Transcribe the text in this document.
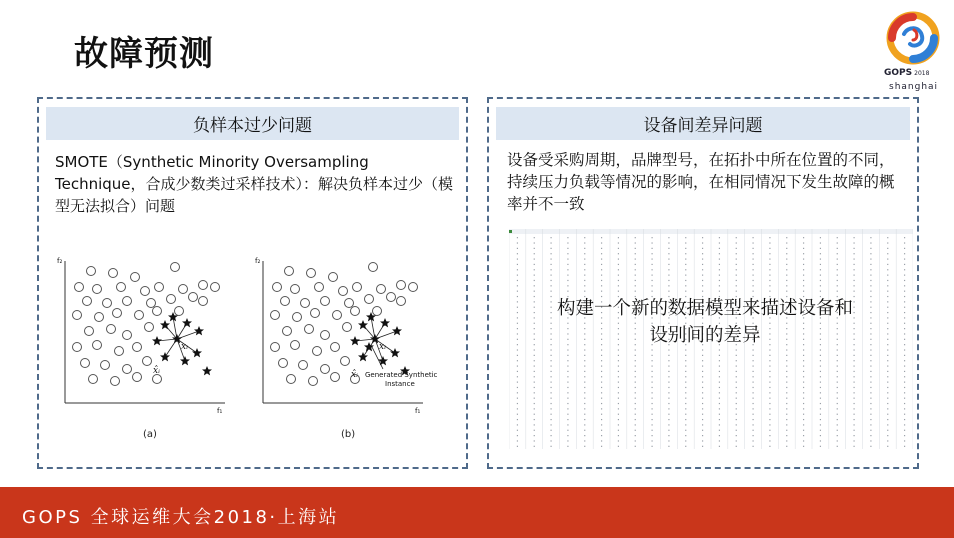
故障预测	GOPS 2018
shanghai
负样本过少问题
SMOTE（Synthetic Minority Oversampling Technique，合成少数类过采样技术）：解决负样本过少（模型无法拟合）问题
f₂
f₁
xᵢ
x̂ᵢ
(a)
f₂
f₁
xᵢ
x̂ᵢ Generated Synthetic
Instance
(b)
设备间差异问题
设备受采购周期，品牌型号，在拓扑中所在位置的不同，持续压力负载等情况的影响，在相同情况下发生故障的概率并不一致
构建一个新的数据模型来描述设备和
设别间的差异
GOPS 全球运维大会2018·上海站
